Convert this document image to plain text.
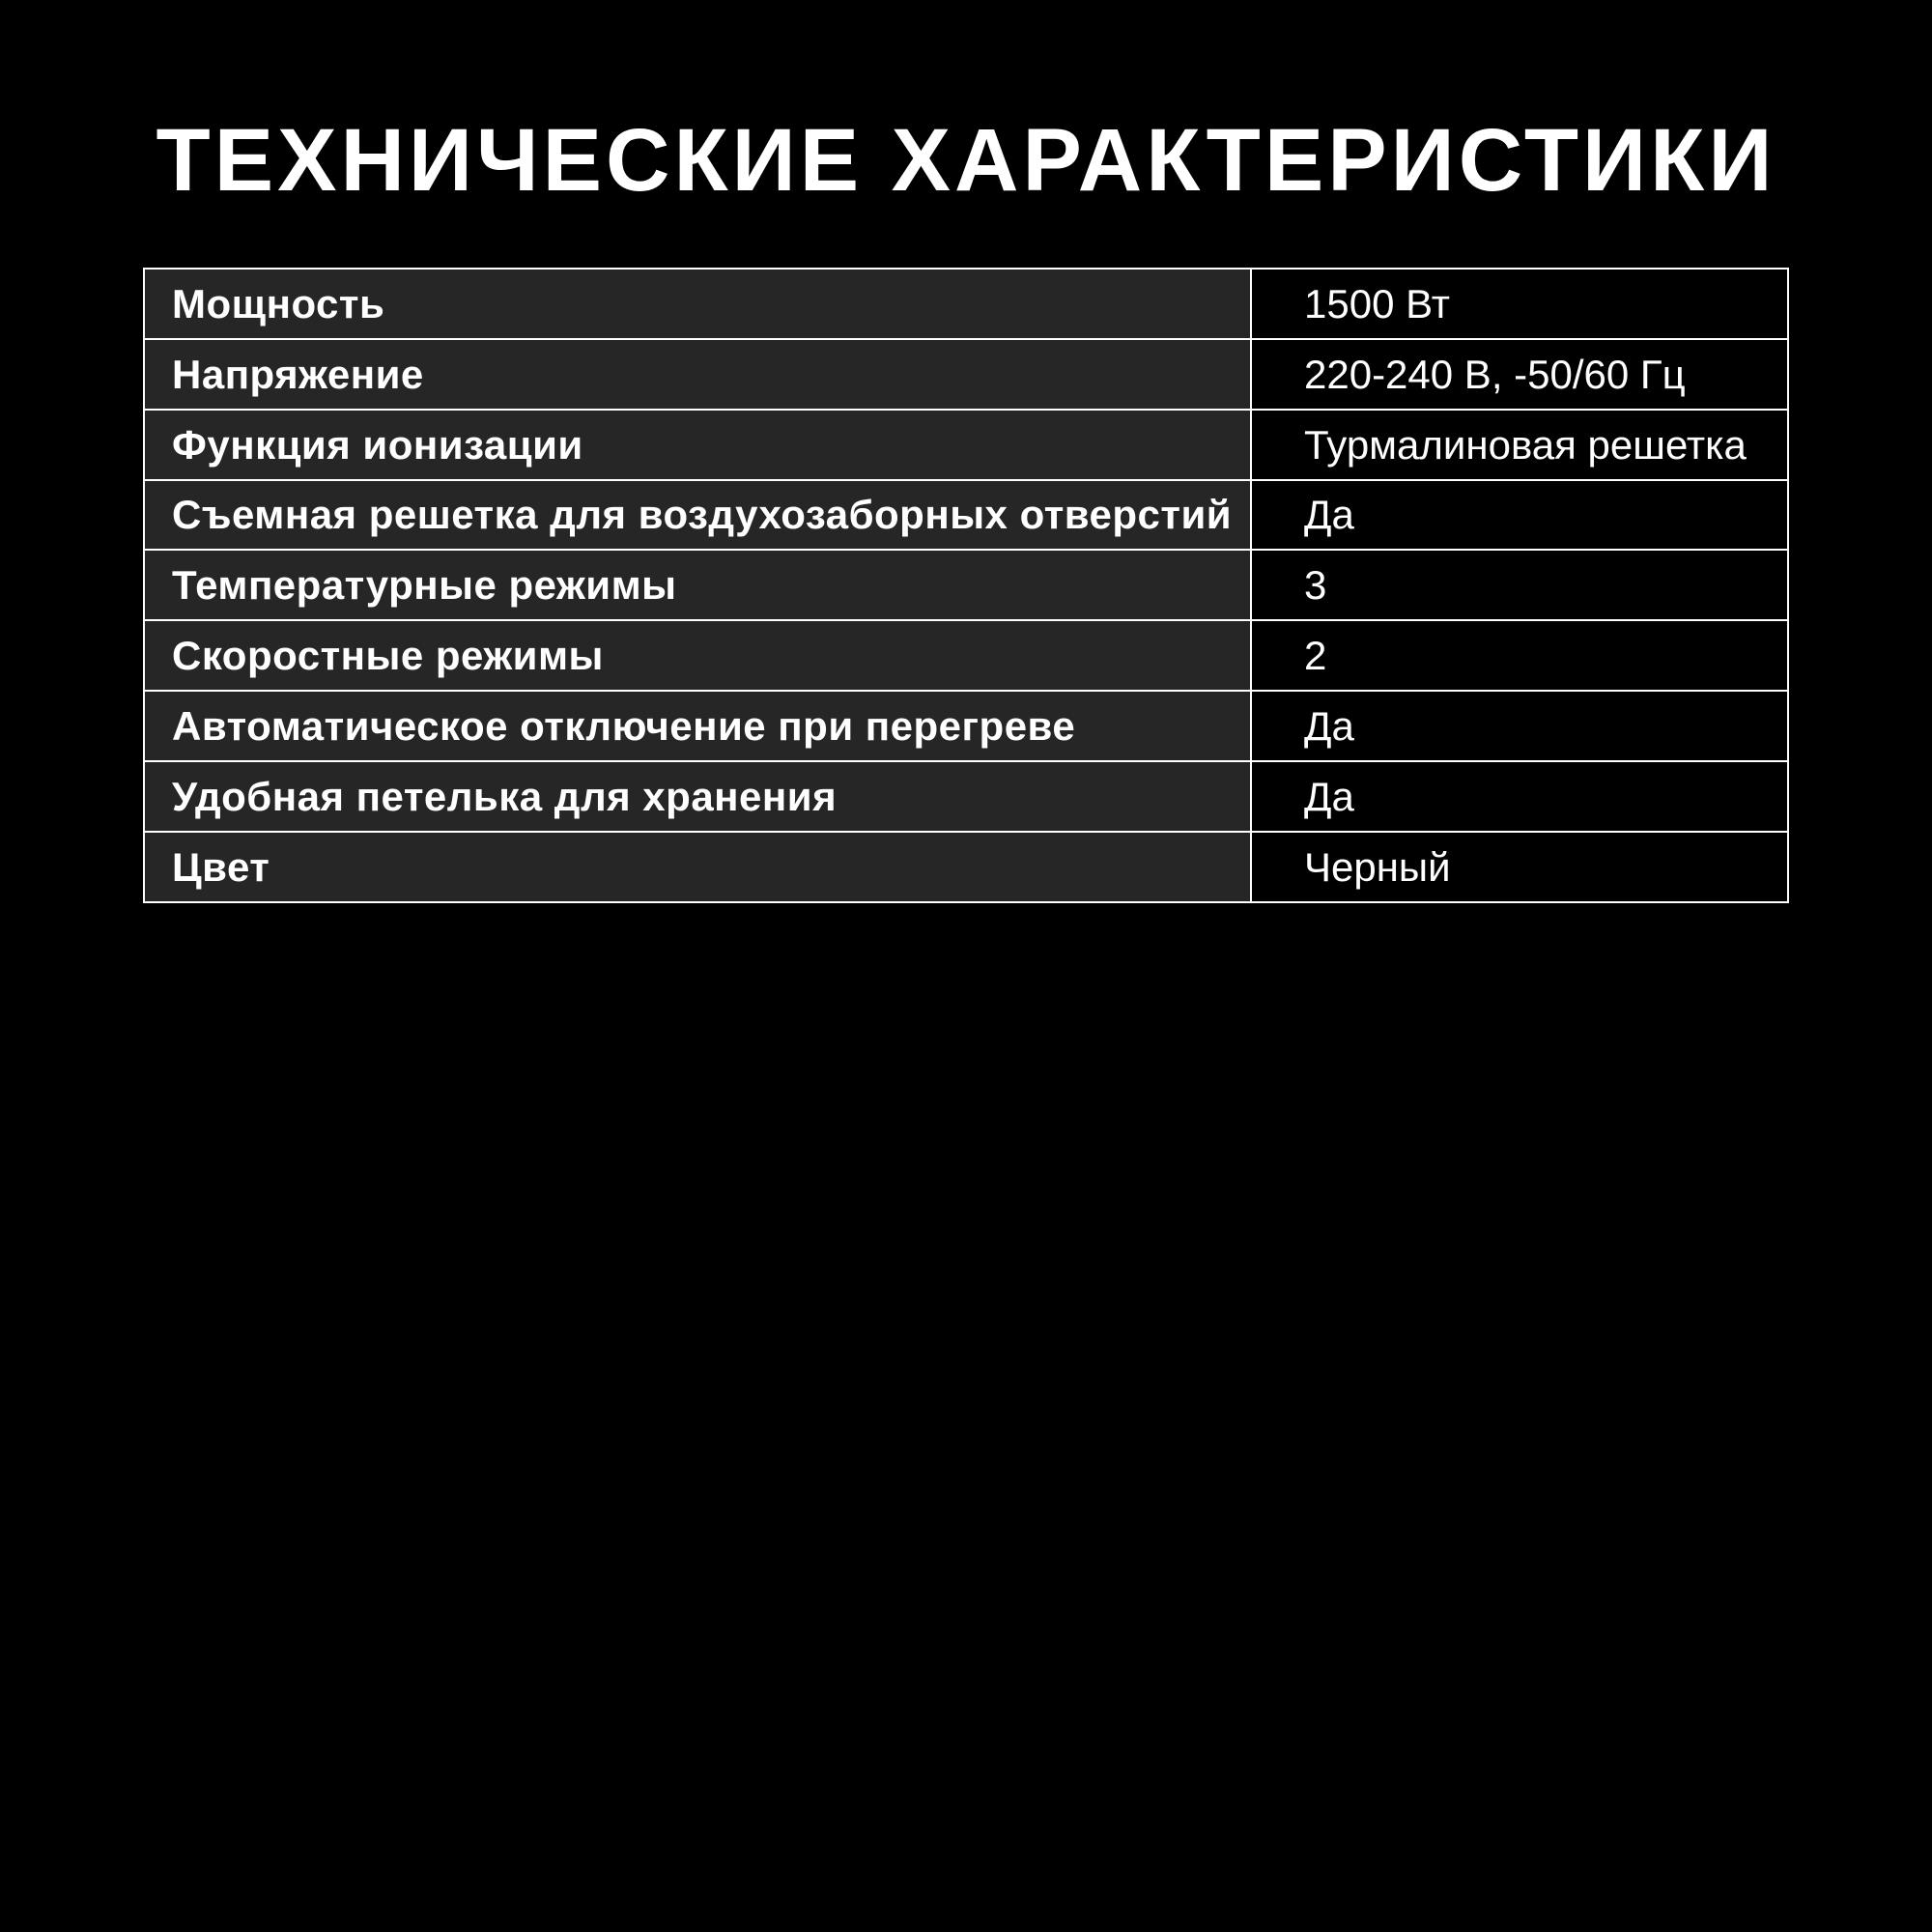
ТЕХНИЧЕСКИЕ ХАРАКТЕРИСТИКИ
Мощность	1500 Вт
Напряжение	220-240 В, -50/60 Гц
Функция ионизации	Турмалиновая решетка
Съемная решетка для воздухозаборных отверстий	Да
Температурные режимы	3
Скоростные режимы	2
Автоматическое отключение при перегреве	Да
Удобная петелька для хранения	Да
Цвет	Черный
